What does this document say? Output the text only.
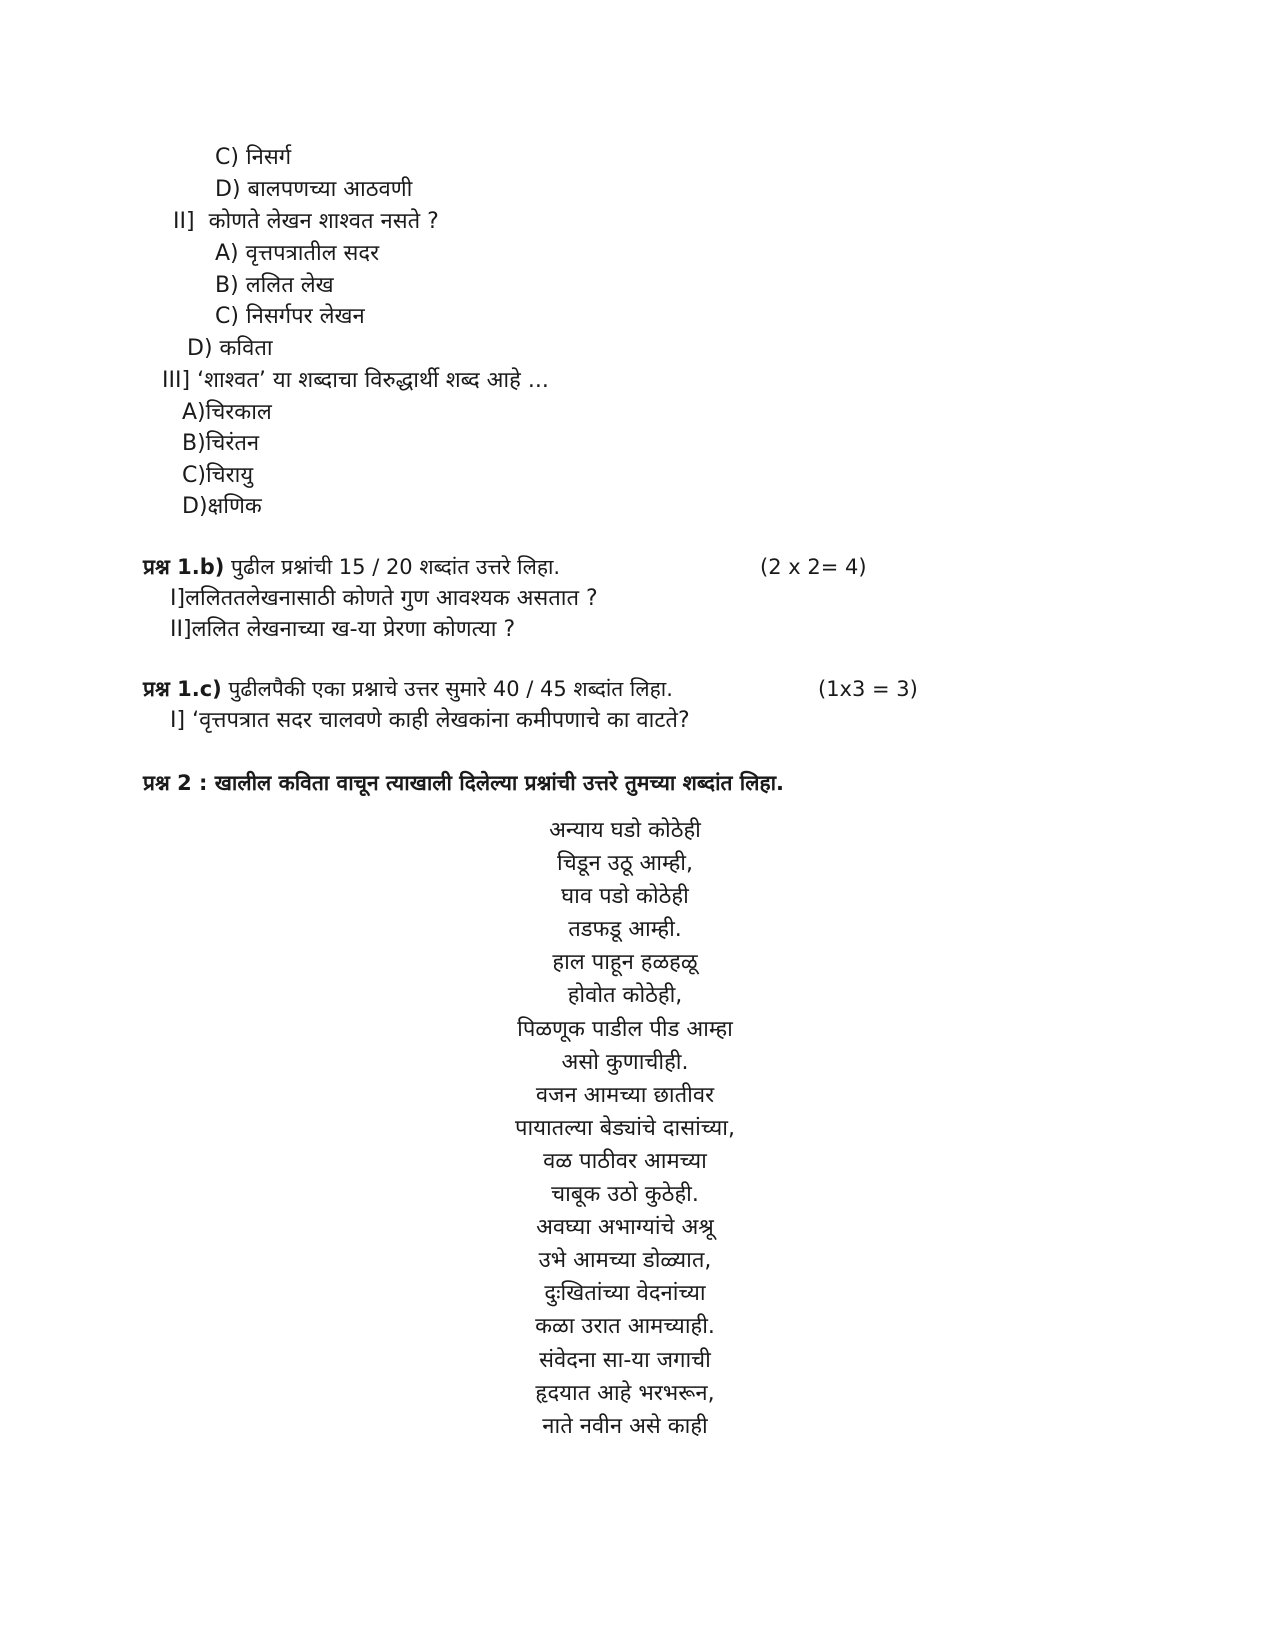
C) निसर्ग
D) बालपणच्या आठवणी
II] कोणते लेखन शाश्वत नसते ?
A) वृत्तपत्रातील सदर
B) ललित लेख
C) निसर्गपर लेखन
D) कविता
III] ‘शाश्वत’ या शब्दाचा विरुद्धार्थी शब्द आहे ...
A)चिरकाल
B)चिरंतन
C)चिरायु
D)क्षणिक
प्रश्न 1.b) पुढील प्रश्नांची 15 / 20 शब्दांत उत्तरे लिहा.	(2 x 2= 4)
I]ललिततलेखनासाठी कोणते गुण आवश्यक असतात ?
II]ललित लेखनाच्या ख-या प्रेरणा कोणत्या ?
प्रश्न 1.c) पुढीलपैकी एका प्रश्नाचे उत्तर सुमारे 40 / 45 शब्दांत लिहा.	(1x3 = 3)
I] ‘वृत्तपत्रात सदर चालवणे काही लेखकांना कमीपणाचे का वाटते?
प्रश्न 2 : खालील कविता वाचून त्याखाली दिलेल्या प्रश्नांची उत्तरे तुमच्या शब्दांत लिहा.
अन्याय घडो कोठेही
चिडून उठू आम्ही,
घाव पडो कोठेही
तडफडू आम्ही.
हाल पाहून हळहळू
होवोत कोठेही,
पिळणूक पाडील पीड आम्हा
असो कुणाचीही.
वजन आमच्या छातीवर
पायातल्या बेड्यांचे दासांच्या,
वळ पाठीवर आमच्या
चाबूक उठो कुठेही.
अवघ्या अभाग्यांचे अश्रू
उभे आमच्या डोळ्यात,
दुःखितांच्या वेदनांच्या
कळा उरात आमच्याही.
संवेदना सा-या जगाची
हृदयात आहे भरभरून,
नाते नवीन असे काही
